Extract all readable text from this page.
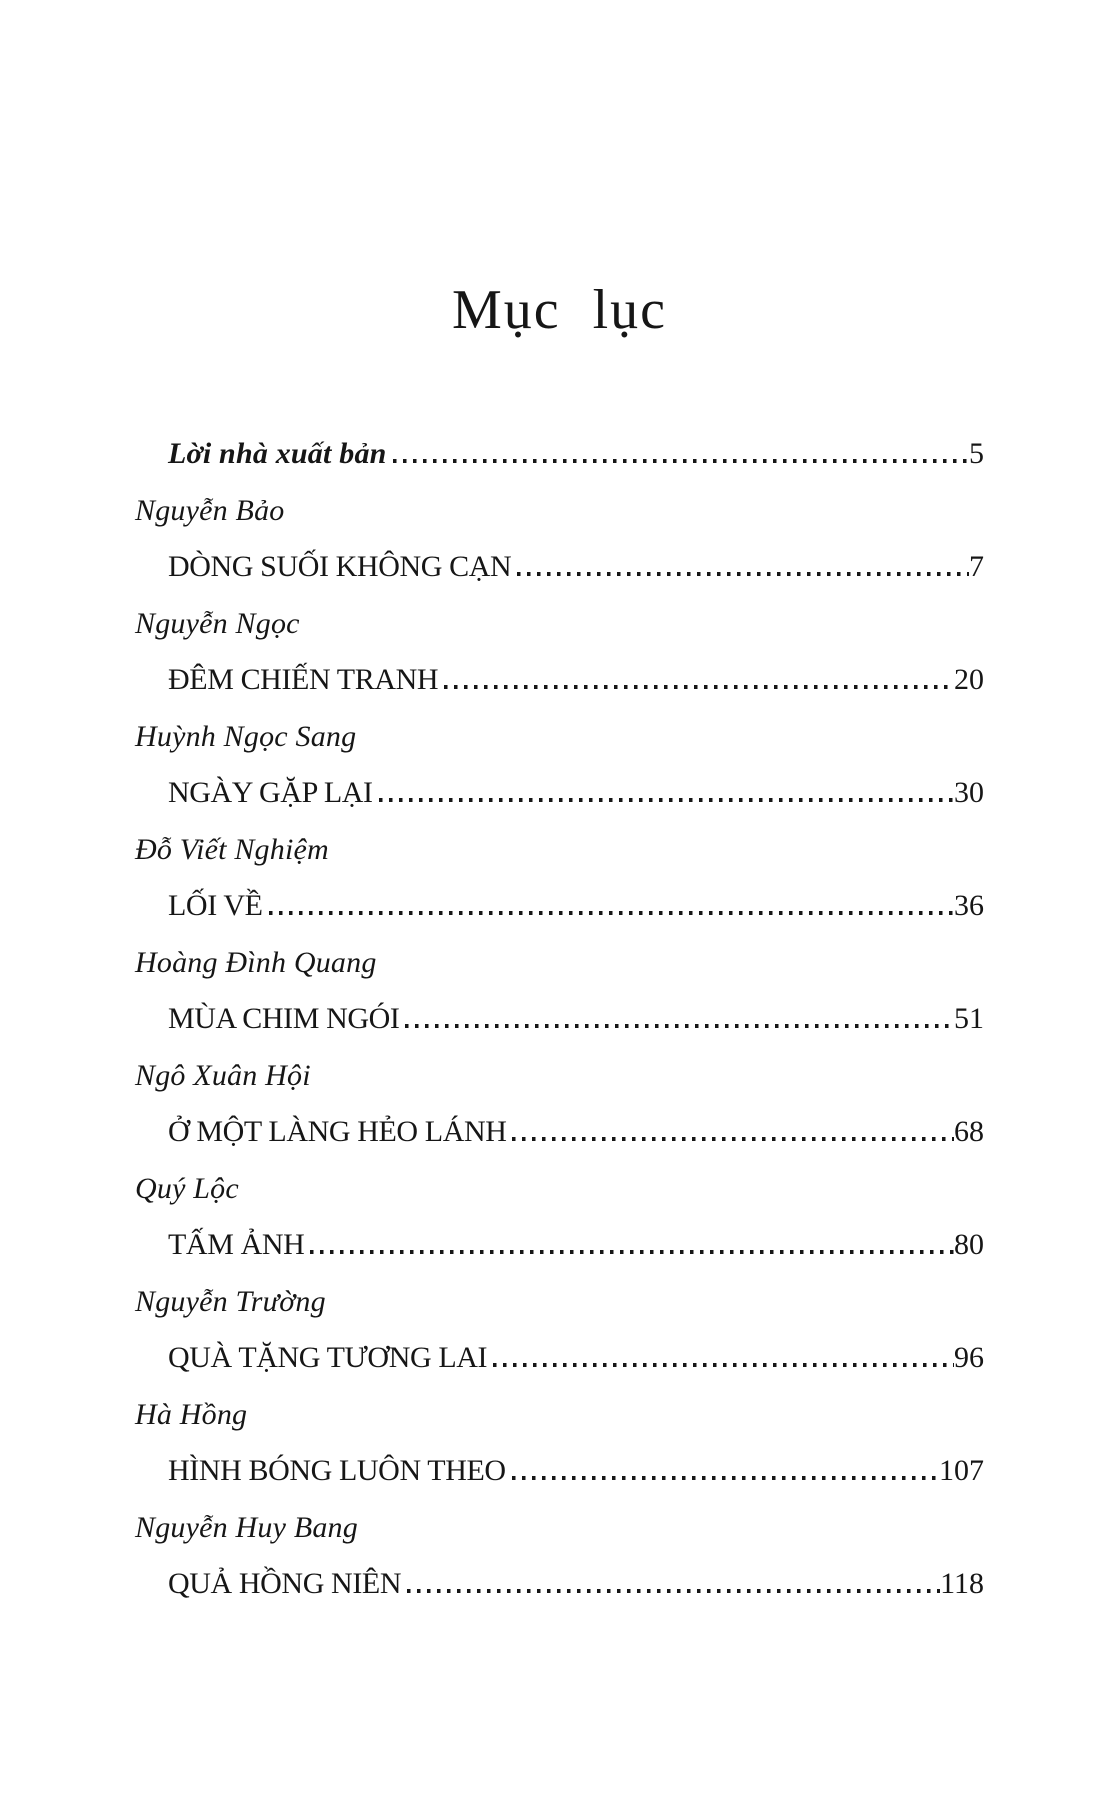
Mục lục
Lời nhà xuất bản	5
Nguyễn Bảo
DÒNG SUỐI KHÔNG CẠN	7
Nguyễn Ngọc
ĐÊM CHIẾN TRANH	20
Huỳnh Ngọc Sang
NGÀY GẶP LẠI	30
Đỗ Viết Nghiệm
LỐI VỀ	36
Hoàng Đình Quang
MÙA CHIM NGÓI	51
Ngô Xuân Hội
Ở MỘT LÀNG HẺO LÁNH	68
Quý Lộc
TẤM ẢNH	80
Nguyễn Trường
QUÀ TẶNG TƯƠNG LAI	96
Hà Hồng
HÌNH BÓNG LUÔN THEO	107
Nguyễn Huy Bang
QUẢ HỒNG NIÊN	118
